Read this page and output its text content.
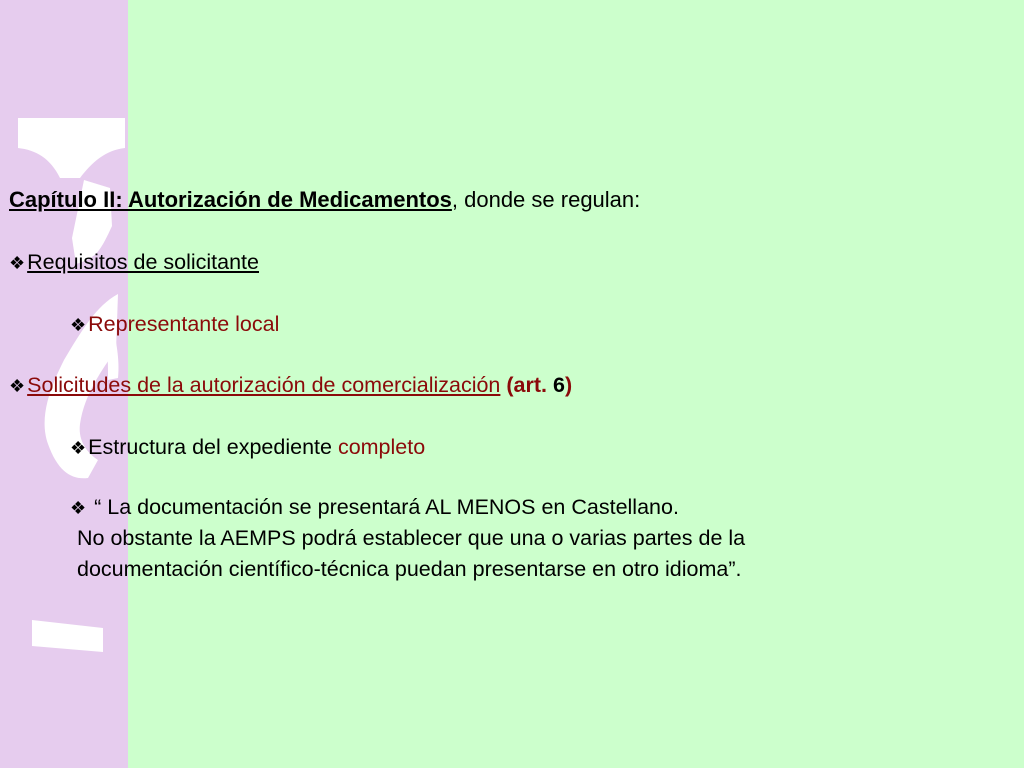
Capítulo II: Autorización de Medicamentos, donde se regulan:
❖Requisitos de solicitante
❖Representante local
❖Solicitudes de la autorización de comercialización (art. 6)
❖Estructura del expediente completo
❖ “ La documentación se presentará AL MENOS en Castellano.
No obstante la AEMPS podrá establecer que una o varias partes de la
documentación científico-técnica puedan presentarse en otro idioma”.
